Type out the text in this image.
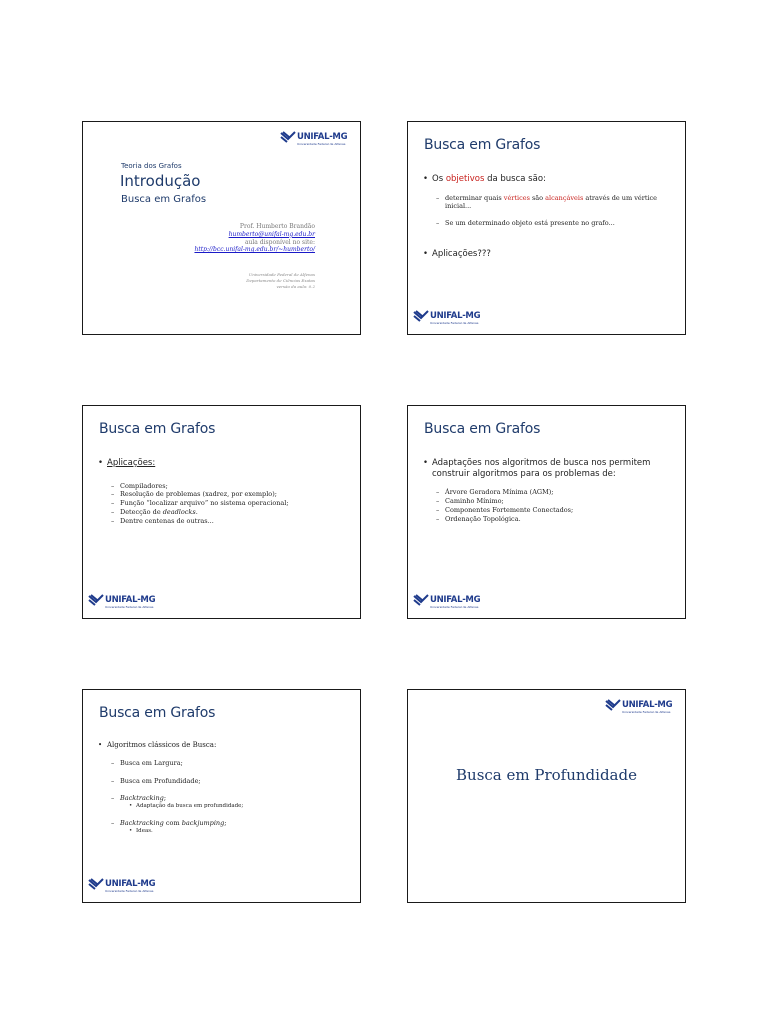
UNIFAL-MG
Universidade Federal de Alfenas
Teoria dos Grafos
Introdução
Busca em Grafos
Prof. Humberto Brandão
humberto@unifal-mg.edu.br
aula disponível no site:
http://bcc.unifal-mg.edu.br/~humberto/
Universidade Federal de Alfenas
Departamento de Ciências Exatas
versão da aula: 0.2
Busca em Grafos
• Os objetivos da busca são:
– determinar quais vértices são alcançáveis através de um vértice inicial...
– Se um determinado objeto está presente no grafo...
• Aplicações???
UNIFAL-MG
Universidade Federal de Alfenas
Busca em Grafos
• Aplicações:
– Compiladores;
– Resolução de problemas (xadrez, por exemplo);
– Função “localizar arquivo” no sistema operacional;
– Detecção de deadlocks.
– Dentre centenas de outras...
UNIFAL-MG
Universidade Federal de Alfenas
Busca em Grafos
• Adaptações nos algoritmos de busca nos permitem construir algoritmos para os problemas de:
– Árvore Geradora Mínima (AGM);
– Caminho Mínimo;
– Componentes Fortemente Conectados;
– Ordenação Topológica.
UNIFAL-MG
Universidade Federal de Alfenas
Busca em Grafos
• Algoritmos clássicos de Busca:
– Busca em Largura;
– Busca em Profundidade;
– Backtracking;
• Adaptação da busca em profundidade;
– Backtracking com backjumping;
• Ideas.
UNIFAL-MG
Universidade Federal de Alfenas
UNIFAL-MG
Universidade Federal de Alfenas
Busca em Profundidade
